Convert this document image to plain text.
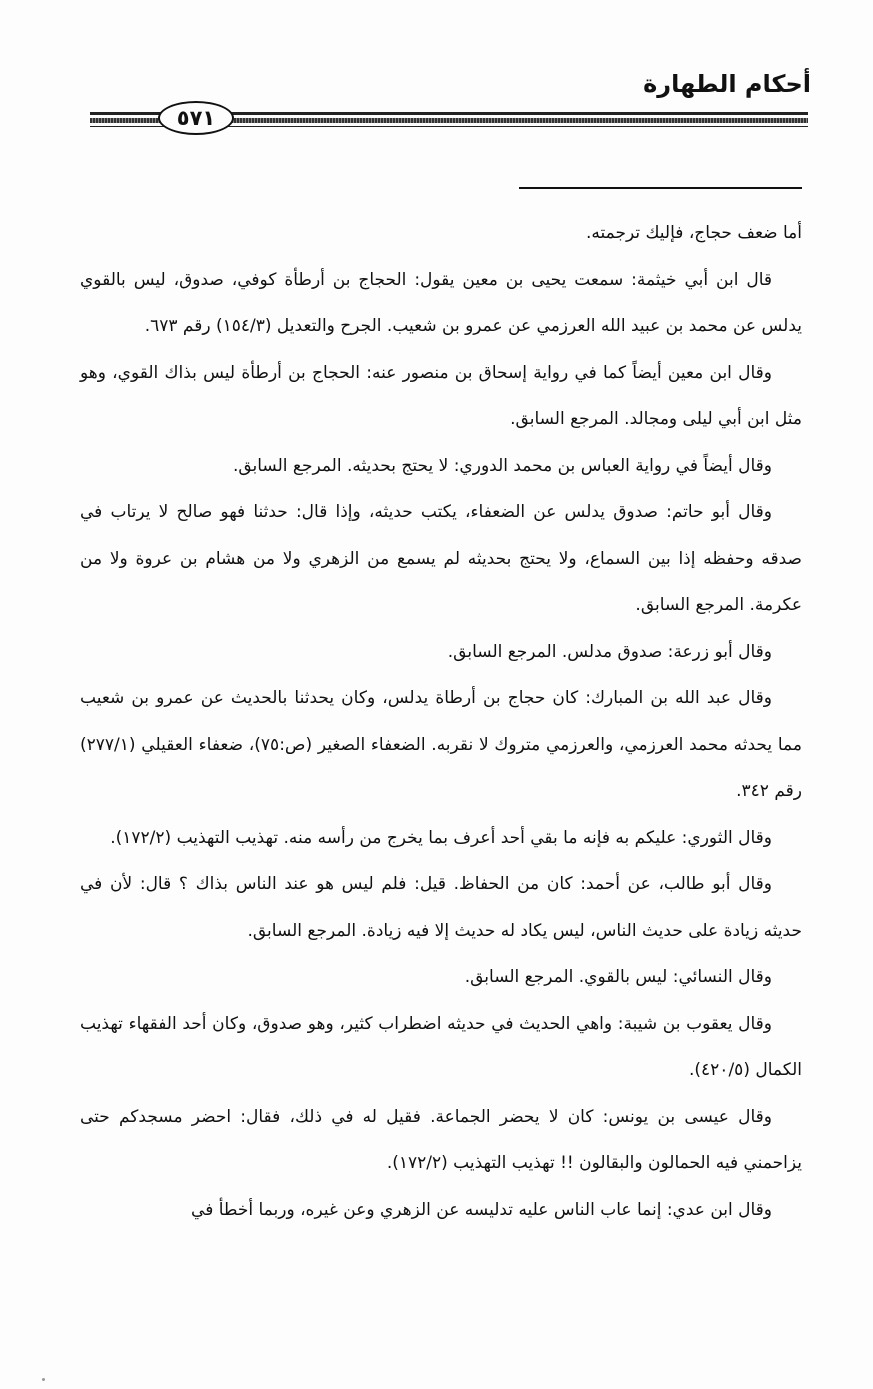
أحكام الطهارة
٥٧١

أما ضعف حجاج، فإليك ترجمته.

قال ابن أبي خيثمة: سمعت يحيى بن معين يقول: الحجاج بن أرطأة كوفي، صدوق، ليس بالقوي يدلس عن محمد بن عبيد الله العرزمي عن عمرو بن شعيب. الجرح والتعديل (١٥٤/٣) رقم ٦٧٣.

وقال ابن معين أيضاً كما في رواية إسحاق بن منصور عنه: الحجاج بن أرطأة ليس بذاك القوي، وهو مثل ابن أبي ليلى ومجالد. المرجع السابق.

وقال أيضاً في رواية العباس بن محمد الدوري: لا يحتج بحديثه. المرجع السابق.

وقال أبو حاتم: صدوق يدلس عن الضعفاء، يكتب حديثه، وإذا قال: حدثنا فهو صالح لا يرتاب في صدقه وحفظه إذا بين السماع، ولا يحتج بحديثه لم يسمع من الزهري ولا من هشام بن عروة ولا من عكرمة. المرجع السابق.

وقال أبو زرعة: صدوق مدلس. المرجع السابق.

وقال عبد الله بن المبارك: كان حجاج بن أرطاة يدلس، وكان يحدثنا بالحديث عن عمرو بن شعيب مما يحدثه محمد العرزمي، والعرزمي متروك لا نقربه. الضعفاء الصغير (ص:٧٥)، ضعفاء العقيلي (٢٧٧/١) رقم ٣٤٢.

وقال الثوري: عليكم به فإنه ما بقي أحد أعرف بما يخرج من رأسه منه. تهذيب التهذيب (١٧٢/٢).

وقال أبو طالب، عن أحمد: كان من الحفاظ. قيل: فلم ليس هو عند الناس بذاك ؟ قال: لأن في حديثه زيادة على حديث الناس، ليس يكاد له حديث إلا فيه زيادة. المرجع السابق.

وقال النسائي: ليس بالقوي. المرجع السابق.

وقال يعقوب بن شيبة: واهي الحديث في حديثه اضطراب كثير، وهو صدوق، وكان أحد الفقهاء تهذيب الكمال (٤٢٠/٥).

وقال عيسى بن يونس: كان لا يحضر الجماعة. فقيل له في ذلك، فقال: احضر مسجدكم حتى يزاحمني فيه الحمالون والبقالون !! تهذيب التهذيب (١٧٢/٢).

وقال ابن عدي: إنما عاب الناس عليه تدليسه عن الزهري وعن غيره، وربما أخطأ في
